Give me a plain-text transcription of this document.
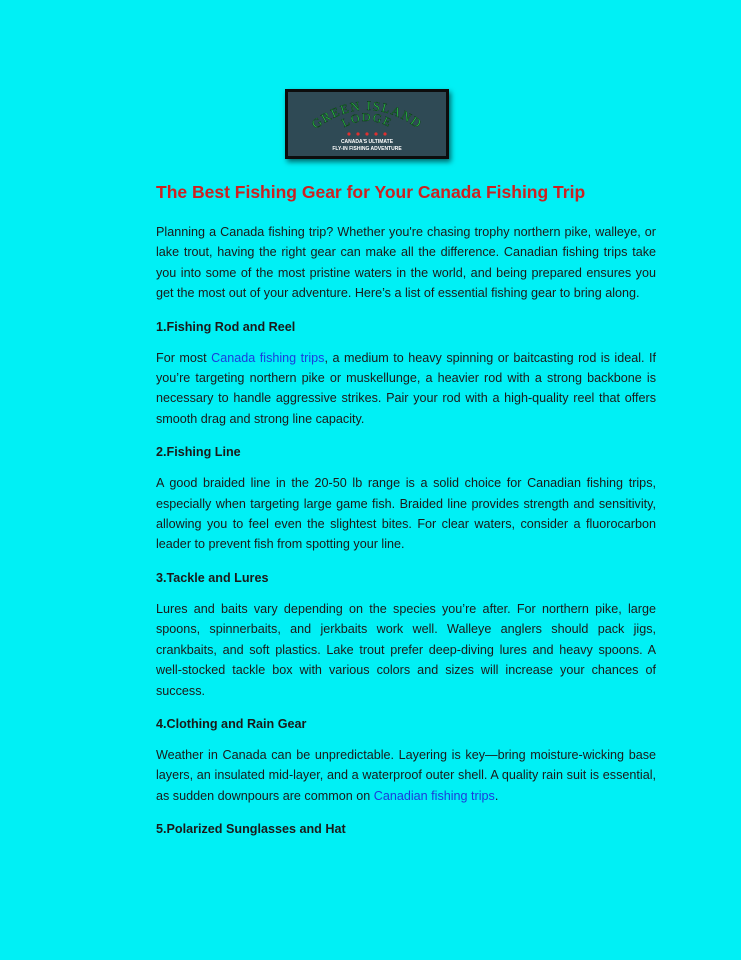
GREEN ISLAND
LODGE
CANADA'S ULTIMATE
FLY-IN FISHING ADVENTURE
The Best Fishing Gear for Your Canada Fishing Trip

Planning a Canada fishing trip? Whether you're chasing trophy northern pike, walleye, or lake trout, having the right gear can make all the difference. Canadian fishing trips take you into some of the most pristine waters in the world, and being prepared ensures you get the most out of your adventure. Here’s a list of essential fishing gear to bring along.

1.Fishing Rod and Reel

For most Canada fishing trips, a medium to heavy spinning or baitcasting rod is ideal. If you’re targeting northern pike or muskellunge, a heavier rod with a strong backbone is necessary to handle aggressive strikes. Pair your rod with a high-quality reel that offers smooth drag and strong line capacity.

2.Fishing Line

A good braided line in the 20-50 lb range is a solid choice for Canadian fishing trips, especially when targeting large game fish. Braided line provides strength and sensitivity, allowing you to feel even the slightest bites. For clear waters, consider a fluorocarbon leader to prevent fish from spotting your line.

3.Tackle and Lures

Lures and baits vary depending on the species you’re after. For northern pike, large spoons, spinnerbaits, and jerkbaits work well. Walleye anglers should pack jigs, crankbaits, and soft plastics. Lake trout prefer deep-diving lures and heavy spoons. A well-stocked tackle box with various colors and sizes will increase your chances of success.

4.Clothing and Rain Gear

Weather in Canada can be unpredictable. Layering is key—bring moisture-wicking base layers, an insulated mid-layer, and a waterproof outer shell. A quality rain suit is essential, as sudden downpours are common on Canadian fishing trips.

5.Polarized Sunglasses and Hat
